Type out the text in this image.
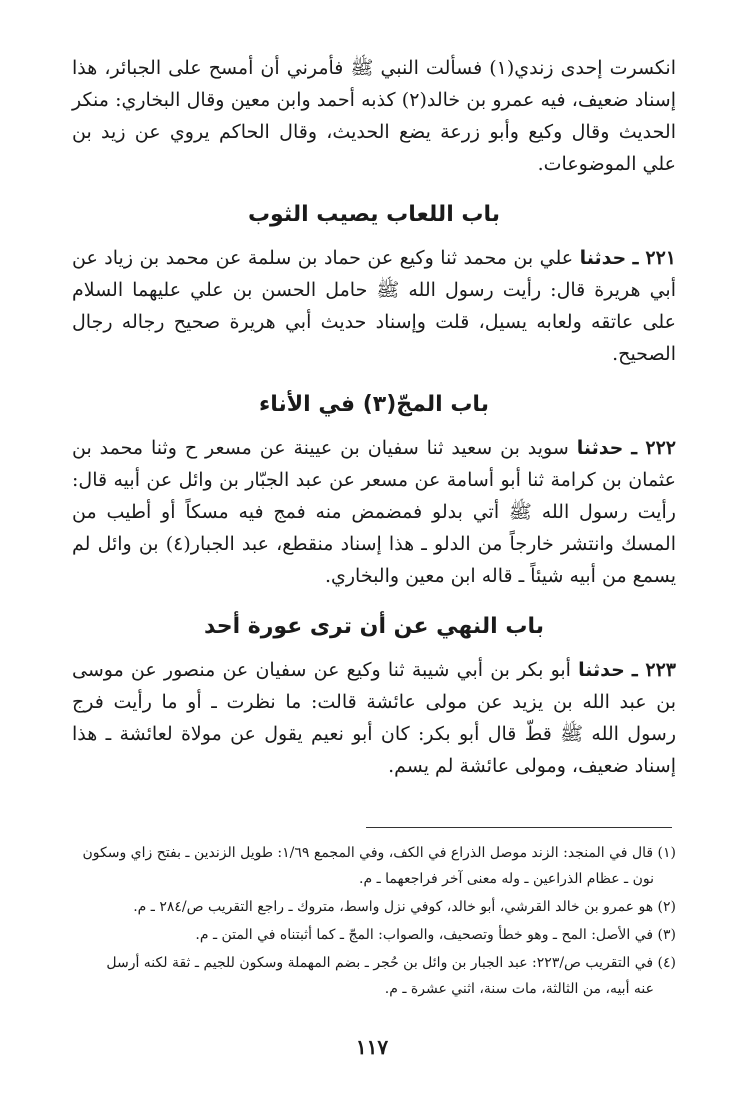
انكسرت إحدى زندي(١) فسألت النبي ﷺ فأمرني أن أمسح على الجبائر، هذا إسناد ضعيف، فيه عمرو بن خالد(٢) كذبه أحمد وابن معين وقال البخاري: منكر الحديث وقال وكيع وأبو زرعة يضع الحديث، وقال الحاكم يروي عن زيد بن علي الموضوعات.

باب اللعاب يصيب الثوب

٢٢١ ـ حدثنا علي بن محمد ثنا وكيع عن حماد بن سلمة عن محمد بن زياد عن أبي هريرة قال: رأيت رسول الله ﷺ حامل الحسن بن علي عليهما السلام على عاتقه ولعابه يسيل، قلت وإسناد حديث أبي هريرة صحيح رجاله رجال الصحيح.

باب المجّ(٣) في الأناء

٢٢٢ ـ حدثنا سويد بن سعيد ثنا سفيان بن عيينة عن مسعر ح وثنا محمد بن عثمان بن كرامة ثنا أبو أسامة عن مسعر عن عبد الجبّار بن وائل عن أبيه قال: رأيت رسول الله ﷺ أتي بدلو فمضمض منه فمج فيه مسكاً أو أطيب من المسك وانتشر خارجاً من الدلو ـ هذا إسناد منقطع، عبد الجبار(٤) بن وائل لم يسمع من أبيه شيئاً ـ قاله ابن معين والبخاري.

باب النهي عن أن ترى عورة أحد

٢٢٣ ـ حدثنا أبو بكر بن أبي شيبة ثنا وكيع عن سفيان عن منصور عن موسى بن عبد الله بن يزيد عن مولى عائشة قالت: ما نظرت ـ أو ما رأيت فرج رسول الله ﷺ قطّ قال أبو بكر: كان أبو نعيم يقول عن مولاة لعائشة ـ هذا إسناد ضعيف، ومولى عائشة لم يسم.

(١) قال في المنجد: الزند موصل الذراع في الكف، وفي المجمع ١/٦٩: طويل الزندين ـ بفتح زاي وسكون
نون ـ عظام الذراعين ـ وله معنى آخر فراجعهما ـ م.

(٢) هو عمرو بن خالد القرشي، أبو خالد، كوفي نزل واسط، متروك ـ راجع التقريب ص/٢٨٤ ـ م.

(٣) في الأصل: المح ـ وهو خطأ وتصحيف، والصواب: المجّ ـ كما أثبتناه في المتن ـ م.

(٤) في التقريب ص/٢٢٣: عبد الجبار بن وائل بن حُجر ـ بضم المهملة وسكون للجيم ـ ثقة لكنه أرسل
عنه أبيه، من الثالثة، مات سنة، اثني عشرة ـ م.

١١٧
